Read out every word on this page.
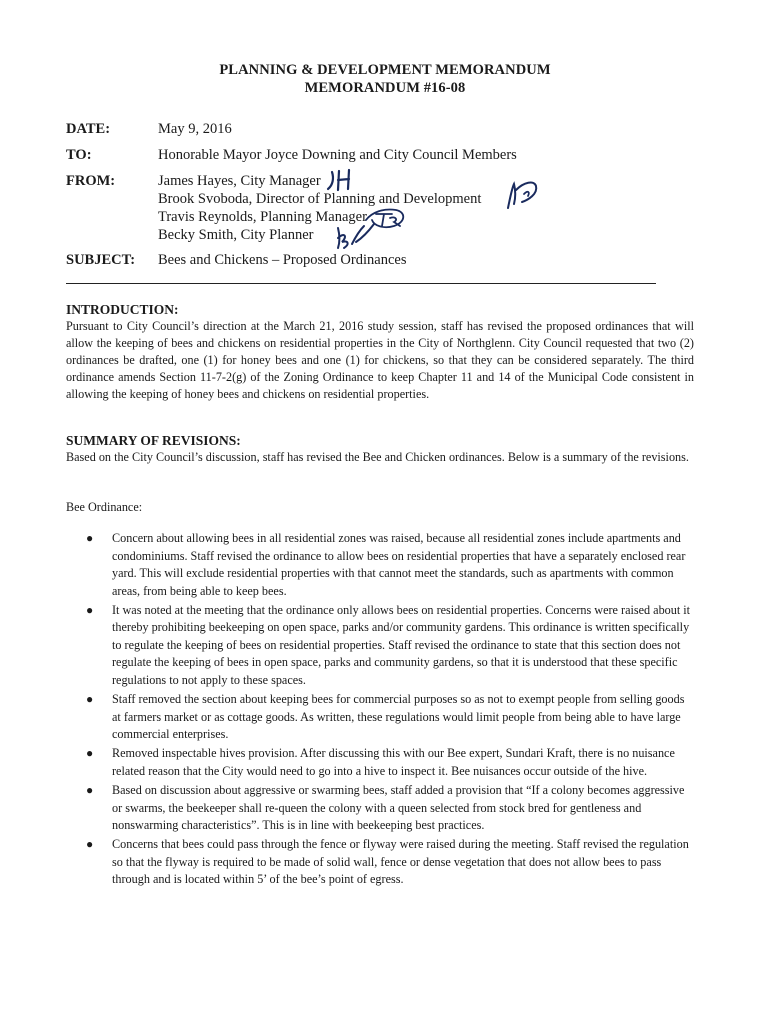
PLANNING & DEVELOPMENT MEMORANDUM
MEMORANDUM #16-08
DATE:	May 9, 2016
TO:	Honorable Mayor Joyce Downing and City Council Members
FROM:	James Hayes, City Manager
Brook Svoboda, Director of Planning and Development
Travis Reynolds, Planning Manager
Becky Smith, City Planner
SUBJECT: Bees and Chickens – Proposed Ordinances
INTRODUCTION:
Pursuant to City Council’s direction at the March 21, 2016 study session, staff has revised the proposed ordinances that will allow the keeping of bees and chickens on residential properties in the City of Northglenn. City Council requested that two (2) ordinances be drafted, one (1) for honey bees and one (1) for chickens, so that they can be considered separately. The third ordinance amends Section 11-7-2(g) of the Zoning Ordinance to keep Chapter 11 and 14 of the Municipal Code consistent in allowing the keeping of honey bees and chickens on residential properties.
SUMMARY OF REVISIONS:
Based on the City Council’s discussion, staff has revised the Bee and Chicken ordinances. Below is a summary of the revisions.
Bee Ordinance:
● Concern about allowing bees in all residential zones was raised, because all residential zones include apartments and condominiums. Staff revised the ordinance to allow bees on residential properties that have a separately enclosed rear yard. This will exclude residential properties with that cannot meet the standards, such as apartments with common areas, from being able to keep bees.
● It was noted at the meeting that the ordinance only allows bees on residential properties. Concerns were raised about it thereby prohibiting beekeeping on open space, parks and/or community gardens. This ordinance is written specifically to regulate the keeping of bees on residential properties. Staff revised the ordinance to state that this section does not regulate the keeping of bees in open space, parks and community gardens, so that it is understood that these specific regulations to not apply to these spaces.
● Staff removed the section about keeping bees for commercial purposes so as not to exempt people from selling goods at farmers market or as cottage goods. As written, these regulations would limit people from being able to have large commercial enterprises.
● Removed inspectable hives provision. After discussing this with our Bee expert, Sundari Kraft, there is no nuisance related reason that the City would need to go into a hive to inspect it. Bee nuisances occur outside of the hive.
● Based on discussion about aggressive or swarming bees, staff added a provision that “If a colony becomes aggressive or swarms, the beekeeper shall re-queen the colony with a queen selected from stock bred for gentleness and nonswarming characteristics”. This is in line with beekeeping best practices.
● Concerns that bees could pass through the fence or flyway were raised during the meeting. Staff revised the regulation so that the flyway is required to be made of solid wall, fence or dense vegetation that does not allow bees to pass through and is located within 5’ of the bee’s point of egress.
